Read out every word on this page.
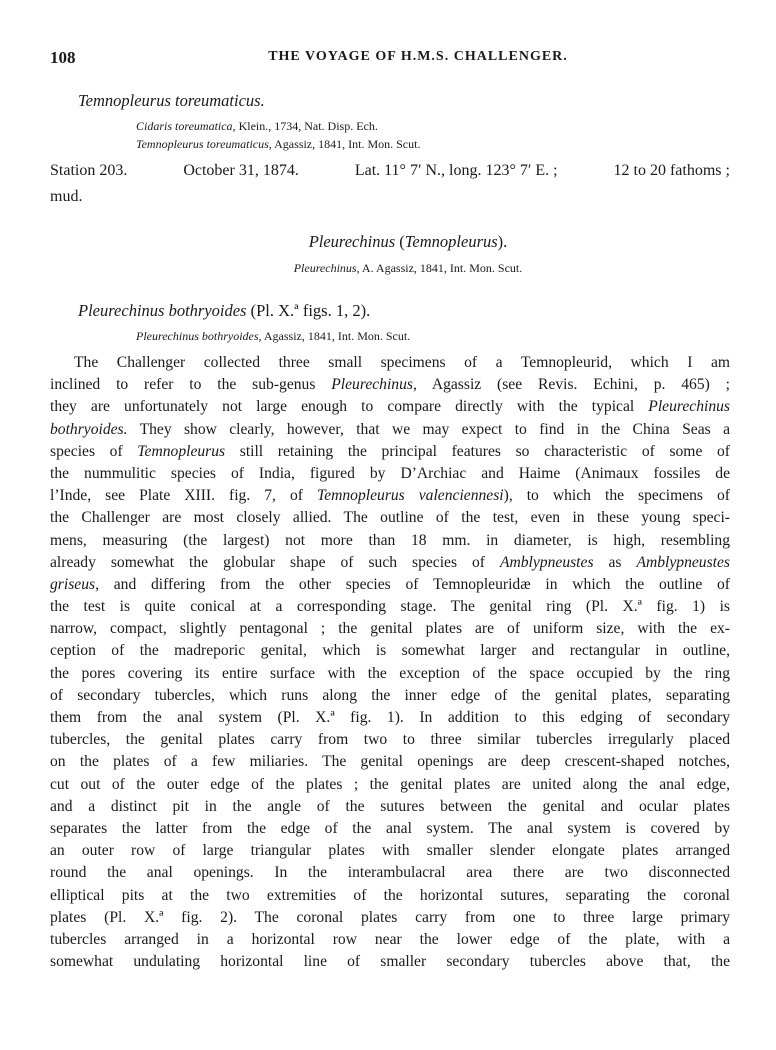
108	THE VOYAGE OF H.M.S. CHALLENGER.
Temnopleurus toreumaticus.
Cidaris toreumatica, Klein., 1734, Nat. Disp. Ech.
Temnopleurus toreumaticus, Agassiz, 1841, Int. Mon. Scut.
Station 203.	October 31, 1874.	Lat. 11° 7′ N., long. 123° 7′ E. ;	12 to 20 fathoms ;
mud.
Pleurechinus (Temnopleurus).
Pleurechinus, A. Agassiz, 1841, Int. Mon. Scut.
Pleurechinus bothryoides (Pl. X.ª figs. 1, 2).
Pleurechinus bothryoides, Agassiz, 1841, Int. Mon. Scut.
The Challenger collected three small specimens of a Temnopleurid, which I am
inclined to refer to the sub-genus Pleurechinus, Agassiz (see Revis. Echini, p. 465) ;
they are unfortunately not large enough to compare directly with the typical Pleurechinus
bothryoides. They show clearly, however, that we may expect to find in the China Seas a
species of Temnopleurus still retaining the principal features so characteristic of some of
the nummulitic species of India, figured by D’Archiac and Haime (Animaux fossiles de
l’Inde, see Plate XIII. fig. 7, of Temnopleurus valenciennesi), to which the specimens of
the Challenger are most closely allied. The outline of the test, even in these young speci-
mens, measuring (the largest) not more than 18 mm. in diameter, is high, resembling
already somewhat the globular shape of such species of Amblypneustes as Amblypneustes
griseus, and differing from the other species of Temnopleuridæ in which the outline of
the test is quite conical at a corresponding stage. The genital ring (Pl. X.ª fig. 1) is
narrow, compact, slightly pentagonal ; the genital plates are of uniform size, with the ex-
ception of the madreporic genital, which is somewhat larger and rectangular in outline,
the pores covering its entire surface with the exception of the space occupied by the ring
of secondary tubercles, which runs along the inner edge of the genital plates, separating
them from the anal system (Pl. X.ª fig. 1). In addition to this edging of secondary
tubercles, the genital plates carry from two to three similar tubercles irregularly placed
on the plates of a few miliaries. The genital openings are deep crescent-shaped notches,
cut out of the outer edge of the plates ; the genital plates are united along the anal edge,
and a distinct pit in the angle of the sutures between the genital and ocular plates
separates the latter from the edge of the anal system. The anal system is covered by
an outer row of large triangular plates with smaller slender elongate plates arranged
round the anal openings. In the interambulacral area there are two disconnected
elliptical pits at the two extremities of the horizontal sutures, separating the coronal
plates (Pl. X.ª fig. 2). The coronal plates carry from one to three large primary
tubercles arranged in a horizontal row near the lower edge of the plate, with a
somewhat undulating horizontal line of smaller secondary tubercles above that, the
